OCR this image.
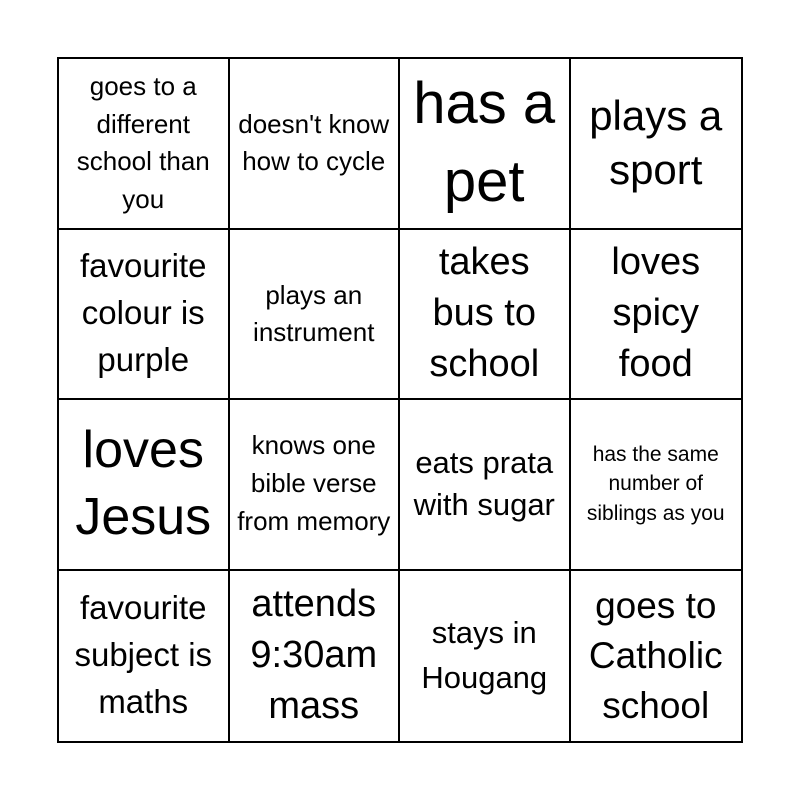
goes to a different school than you
doesn't know how to cycle
has a pet
plays a sport
favourite colour is purple
plays an instrument
takes bus to school
loves spicy food
loves Jesus
knows one bible verse from memory
eats prata with sugar
has the same number of siblings as you
favourite subject is maths
attends 9:30am mass
stays in Hougang
goes to Catholic school
